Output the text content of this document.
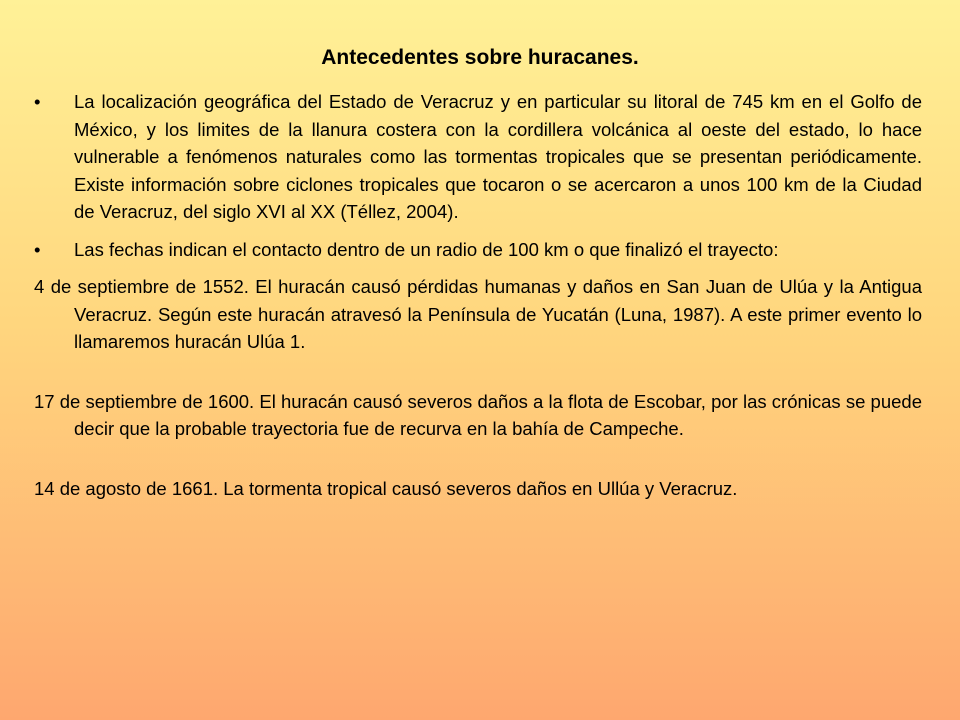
Antecedentes sobre huracanes.
• La localización geográfica del Estado de Veracruz y en particular su litoral de 745 km en el Golfo de México, y los limites de la llanura costera con la cordillera volcánica al oeste del estado, lo hace vulnerable a fenómenos naturales como las tormentas tropicales que se presentan periódicamente. Existe información sobre ciclones tropicales que tocaron o se acercaron a unos 100 km de la Ciudad de Veracruz, del siglo XVI al XX (Téllez, 2004).
• Las fechas indican el contacto dentro de un radio de 100 km o que finalizó el trayecto:

4 de septiembre de 1552. El huracán causó pérdidas humanas y daños en San Juan de Ulúa y la Antigua Veracruz. Según este huracán atravesó la Península de Yucatán (Luna, 1987). A este primer evento lo llamaremos huracán Ulúa 1.

17 de septiembre de 1600. El huracán causó severos daños a la flota de Escobar, por las crónicas se puede decir que la probable trayectoria fue de recurva en la bahía de Campeche.

14 de agosto de 1661. La tormenta tropical causó severos daños en Ullúa y Veracruz.
